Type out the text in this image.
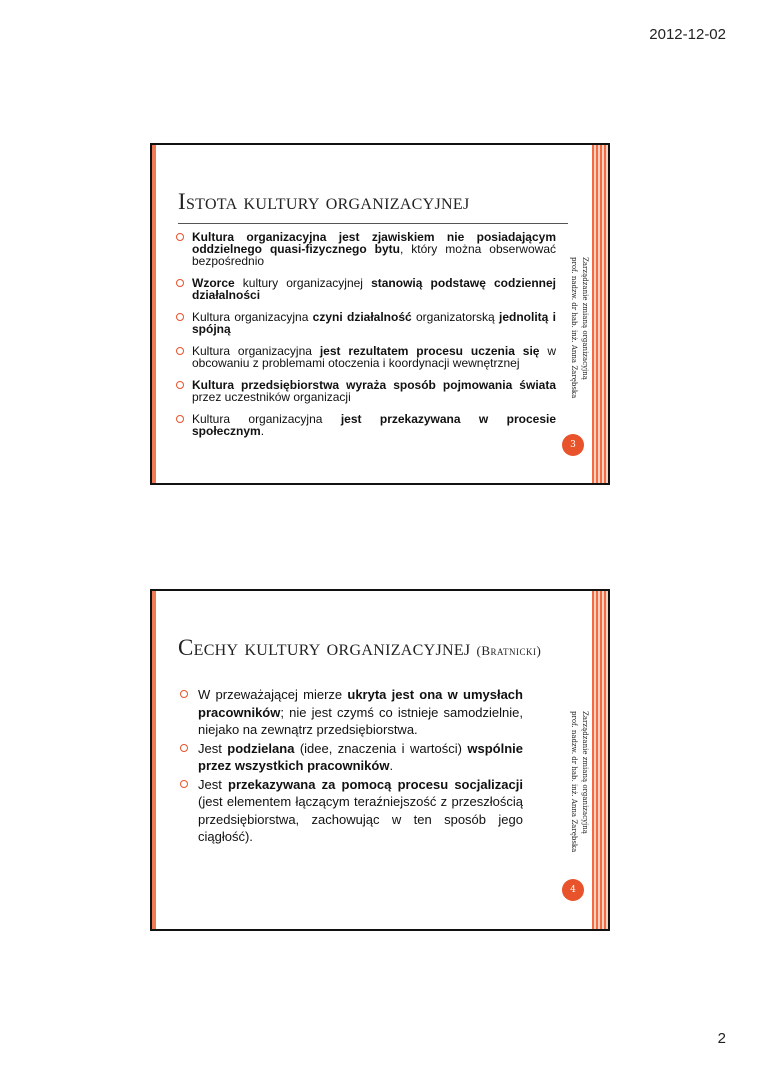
2012-12-02
Istota kultury organizacyjnej
Kultura organizacyjna jest zjawiskiem nie posiadającym oddzielnego quasi-fizycznego bytu, który można obserwować bezpośrednio
Wzorce kultury organizacyjnej stanowią podstawę codziennej działalności
Kultura organizacyjna czyni działalność organizatorską jednolitą i spójną
Kultura organizacyjna jest rezultatem procesu uczenia się w obcowaniu z problemami otoczenia i koordynacji wewnętrznej
Kultura przedsiębiorstwa wyraża sposób pojmowania świata przez uczestników organizacji
Kultura organizacyjna jest przekazywana w procesie społecznym.
Zarządzanie zmianą organizacyjną
prof. nadzw. dr hab. inż. Anna Zarębska
3
Cechy kultury organizacyjnej (Bratnicki)
W przeważającej mierze ukryta jest ona w umysłach pracowników; nie jest czymś co istnieje samodzielnie, niejako na zewnątrz przedsiębiorstwa.
Jest podzielana (idee, znaczenia i wartości) wspólnie przez wszystkich pracowników.
Jest przekazywana za pomocą procesu socjalizacji (jest elementem łączącym teraźniejszość z przeszłością przedsiębiorstwa, zachowując w ten sposób jego ciągłość).
Zarządzanie zmianą organizacyjną
prof. nadzw. dr hab. inż. Anna Zarębska
4
2
